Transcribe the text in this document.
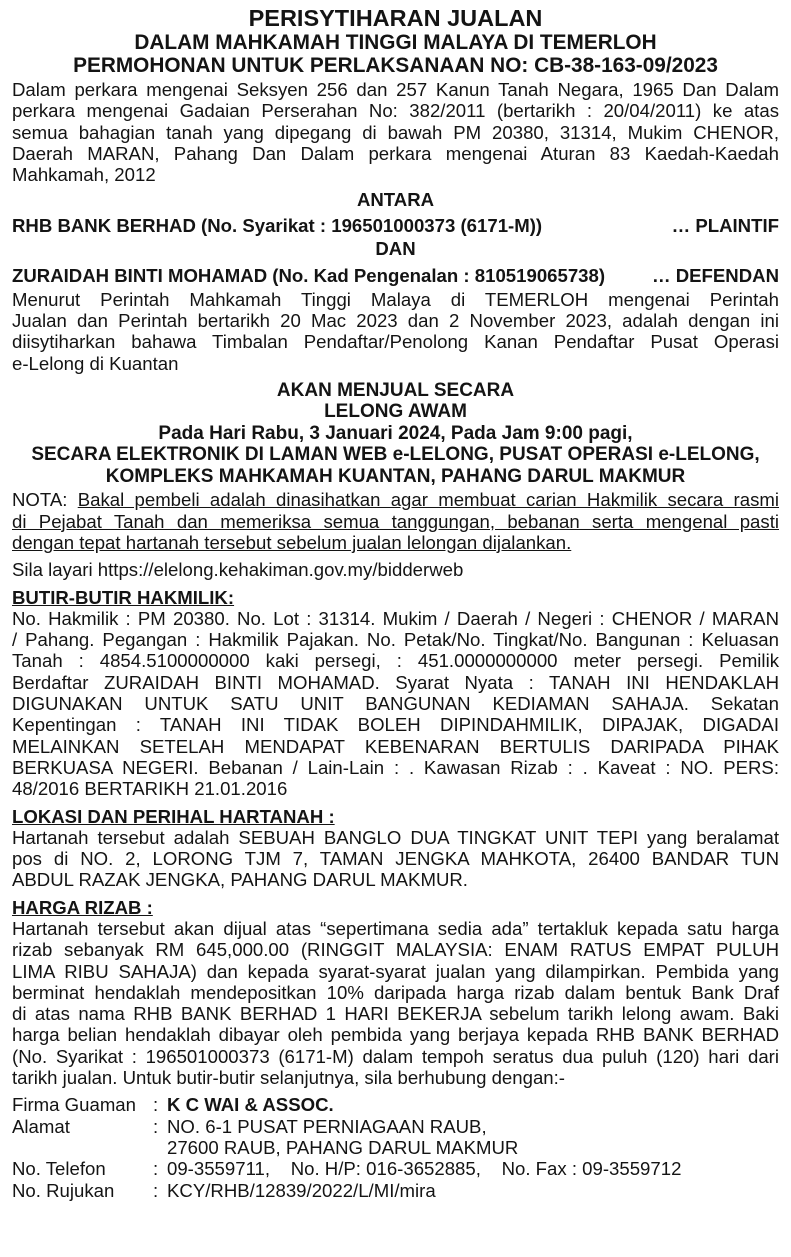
PERISYTIHARAN JUALAN
DALAM MAHKAMAH TINGGI MALAYA DI TEMERLOH
PERMOHONAN UNTUK PERLAKSANAAN NO: CB-38-163-09/2023
Dalam perkara mengenai Seksyen 256 dan 257 Kanun Tanah Negara, 1965 Dan Dalam
perkara mengenai Gadaian Perserahan No: 382/2011 (bertarikh : 20/04/2011) ke atas
semua bahagian tanah yang dipegang di bawah PM 20380, 31314, Mukim CHENOR,
Daerah MARAN, Pahang Dan Dalam perkara mengenai Aturan 83 Kaedah-Kaedah
Mahkamah, 2012
ANTARA
RHB BANK BERHAD (No. Syarikat : 196501000373 (6171-M))	… PLAINTIF
DAN
ZURAIDAH BINTI MOHAMAD (No. Kad Pengenalan : 810519065738)	… DEFENDAN
Menurut Perintah Mahkamah Tinggi Malaya di TEMERLOH mengenai Perintah
Jualan dan Perintah bertarikh 20 Mac 2023 dan 2 November 2023, adalah dengan ini
diisytiharkan bahawa Timbalan Pendaftar/Penolong Kanan Pendaftar Pusat Operasi
e-Lelong di Kuantan
AKAN MENJUAL SECARA
LELONG AWAM
Pada Hari Rabu, 3 Januari 2024, Pada Jam 9:00 pagi,
SECARA ELEKTRONIK DI LAMAN WEB e-LELONG, PUSAT OPERASI e-LELONG,
KOMPLEKS MAHKAMAH KUANTAN, PAHANG DARUL MAKMUR
NOTA: Bakal pembeli adalah dinasihatkan agar membuat carian Hakmilik secara rasmi
di Pejabat Tanah dan memeriksa semua tanggungan, bebanan serta mengenal pasti
dengan tepat hartanah tersebut sebelum jualan lelongan dijalankan.
Sila layari https://elelong.kehakiman.gov.my/bidderweb
BUTIR-BUTIR HAKMILIK:
No. Hakmilik : PM 20380. No. Lot : 31314. Mukim / Daerah / Negeri : CHENOR / MARAN
/ Pahang. Pegangan : Hakmilik Pajakan. No. Petak/No. Tingkat/No. Bangunan : Keluasan
Tanah : 4854.5100000000 kaki persegi, : 451.0000000000 meter persegi. Pemilik
Berdaftar ZURAIDAH BINTI MOHAMAD. Syarat Nyata : TANAH INI HENDAKLAH
DIGUNAKAN UNTUK SATU UNIT BANGUNAN KEDIAMAN SAHAJA. Sekatan
Kepentingan : TANAH INI TIDAK BOLEH DIPINDAHMILIK, DIPAJAK, DIGADAI
MELAINKAN SETELAH MENDAPAT KEBENARAN BERTULIS DARIPADA PIHAK
BERKUASA NEGERI. Bebanan / Lain-Lain : . Kawasan Rizab : . Kaveat : NO. PERS:
48/2016 BERTARIKH 21.01.2016
LOKASI DAN PERIHAL HARTANAH :
Hartanah tersebut adalah SEBUAH BANGLO DUA TINGKAT UNIT TEPI yang beralamat
pos di NO. 2, LORONG TJM 7, TAMAN JENGKA MAHKOTA, 26400 BANDAR TUN
ABDUL RAZAK JENGKA, PAHANG DARUL MAKMUR.
HARGA RIZAB :
Hartanah tersebut akan dijual atas “sepertimana sedia ada” tertakluk kepada satu harga
rizab sebanyak RM 645,000.00 (RINGGIT MALAYSIA: ENAM RATUS EMPAT PULUH
LIMA RIBU SAHAJA) dan kepada syarat-syarat jualan yang dilampirkan. Pembida yang
berminat hendaklah mendepositkan 10% daripada harga rizab dalam bentuk Bank Draf
di atas nama RHB BANK BERHAD 1 HARI BEKERJA sebelum tarikh lelong awam. Baki
harga belian hendaklah dibayar oleh pembida yang berjaya kepada RHB BANK BERHAD
(No. Syarikat : 196501000373 (6171-M) dalam tempoh seratus dua puluh (120) hari dari
tarikh jualan. Untuk butir-butir selanjutnya, sila berhubung dengan:-
Firma Guaman : K C WAI & ASSOC.
Alamat	: NO. 6-1 PUSAT PERNIAGAAN RAUB,
27600 RAUB, PAHANG DARUL MAKMUR
No. Telefon	: 09-3559711,    No. H/P: 016-3652885,    No. Fax : 09-3559712
No. Rujukan	: KCY/RHB/12839/2022/L/MI/mira
